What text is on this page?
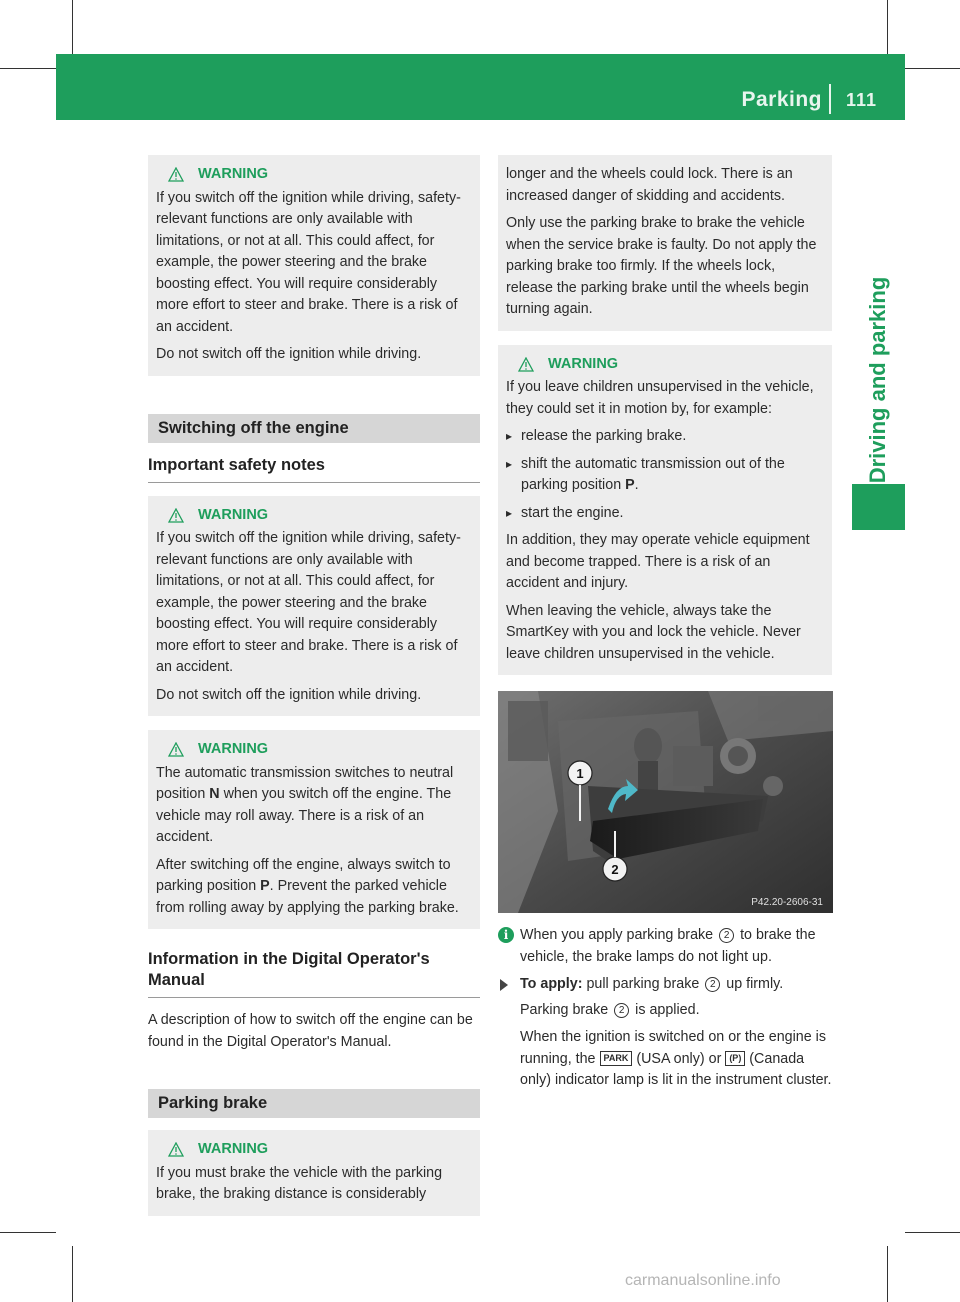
Parking 111
Driving and parking
WARNING

If you switch off the ignition while driving, safety-relevant functions are only available with limitations, or not at all. This could affect, for example, the power steering and the brake boosting effect. You will require considerably more effort to steer and brake. There is a risk of an accident.

Do not switch off the ignition while driving.

Switching off the engine
Important safety notes
WARNING

If you switch off the ignition while driving, safety-relevant functions are only available with limitations, or not at all. This could affect, for example, the power steering and the brake boosting effect. You will require considerably more effort to steer and brake. There is a risk of an accident.

Do not switch off the ignition while driving.

WARNING

The automatic transmission switches to neutral position N when you switch off the engine. The vehicle may roll away. There is a risk of an accident.

After switching off the engine, always switch to parking position P. Prevent the parked vehicle from rolling away by applying the parking brake.

Information in the Digital Operator's Manual

A description of how to switch off the engine can be found in the Digital Operator's Manual.

Parking brake
WARNING

If you must brake the vehicle with the parking brake, the braking distance is considerably

longer and the wheels could lock. There is an increased danger of skidding and accidents.

Only use the parking brake to brake the vehicle when the service brake is faulty. Do not apply the parking brake too firmly. If the wheels lock, release the parking brake until the wheels begin turning again.

WARNING

If you leave children unsupervised in the vehicle, they could set it in motion by, for example:

▸ release the parking brake.
▸ shift the automatic transmission out of the parking position P.
▸ start the engine.

In addition, they may operate vehicle equipment and become trapped. There is a risk of an accident and injury.

When leaving the vehicle, always take the SmartKey with you and lock the vehicle. Never leave children unsupervised in the vehicle.

1
2
P42.20-2606-31
i When you apply parking brake 2 to brake the vehicle, the brake lamps do not light up.
To apply: pull parking brake 2 up firmly.
Parking brake 2 is applied.
When the ignition is switched on or the engine is running, the PARK (USA only) or (P) (Canada only) indicator lamp is lit in the instrument cluster.
carmanualsonline.info
